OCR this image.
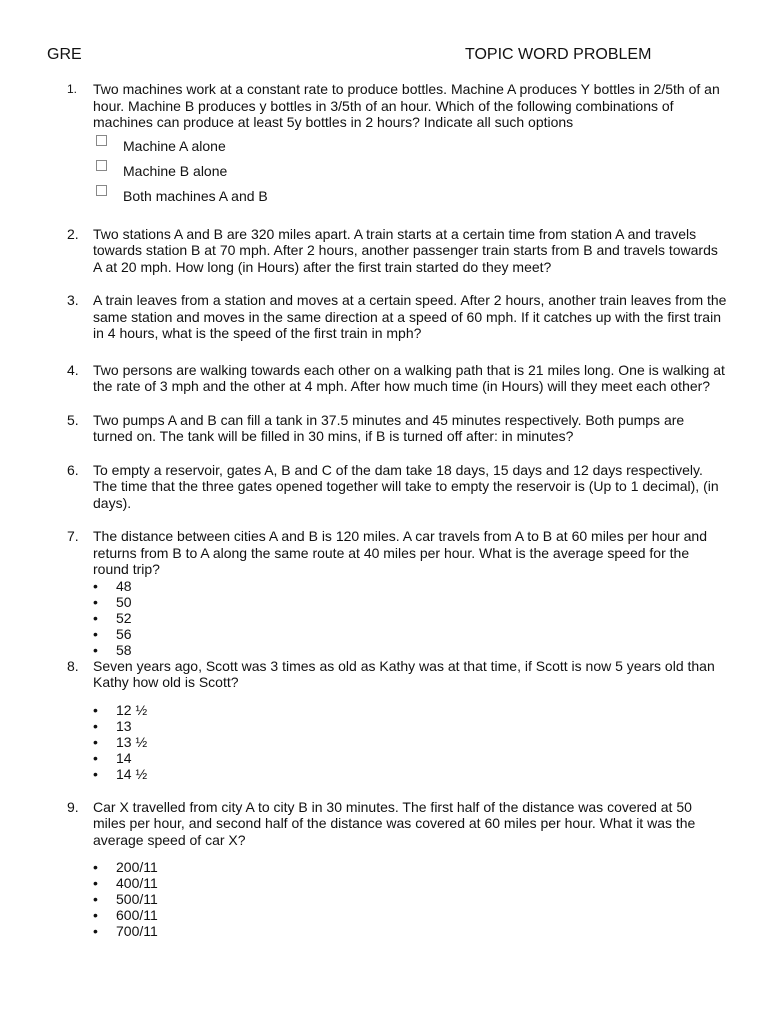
GRE	TOPIC WORD PROBLEM
1.	Two machines work at a constant rate to produce bottles. Machine A produces Y bottles in 2/5th of an hour. Machine B produces y bottles in 3/5th of an hour. Which of the following combinations of machines can produce at least 5y bottles in 2 hours? Indicate all such options
Machine A alone
Machine B alone
Both machines A and B
2.	Two stations A and B are 320 miles apart. A train starts at a certain time from station A and travels towards station B at 70 mph. After 2 hours, another passenger train starts from B and travels towards A at 20 mph. How long (in Hours) after the first train started do they meet?
3.	A train leaves from a station and moves at a certain speed. After 2 hours, another train leaves from the same station and moves in the same direction at a speed of 60 mph. If it catches up with the first train in 4 hours, what is the speed of the first train in mph?
4.	Two persons are walking towards each other on a walking path that is 21 miles long. One is walking at the rate of 3 mph and the other at 4 mph. After how much time (in Hours) will they meet each other?
5.	Two pumps A and B can fill a tank in 37.5 minutes and 45 minutes respectively. Both pumps are turned on. The tank will be filled in 30 mins, if B is turned off after: in minutes?
6.	To empty a reservoir, gates A, B and C of the dam take 18 days, 15 days and 12 days respectively. The time that the three gates opened together will take to empty the reservoir is (Up to 1 decimal), (in days).
7.	The distance between cities A and B is 120 miles. A car travels from A to B at 60 miles per hour and returns from B to A along the same route at 40 miles per hour. What is the average speed for the round trip?
• 48
• 50
• 52
• 56
• 58
8.	Seven years ago, Scott was 3 times as old as Kathy was at that time, if Scott is now 5 years old than Kathy how old is Scott?
• 12 ½
• 13
• 13 ½
• 14
• 14 ½
9.	Car X travelled from city A to city B in 30 minutes. The first half of the distance was covered at 50 miles per hour, and second half of the distance was covered at 60 miles per hour. What it was the average speed of car X?
• 200/11
• 400/11
• 500/11
• 600/11
• 700/11
